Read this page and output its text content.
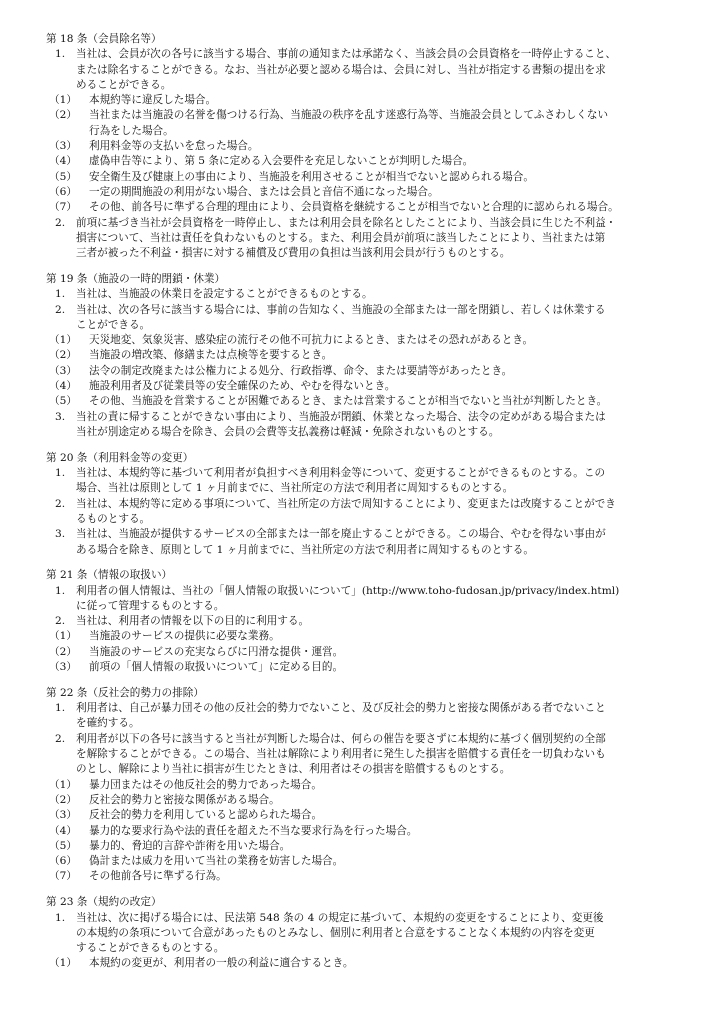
第 18 条（会員除名等）
1.	当社は、会員が次の各号に該当する場合、事前の通知または承諾なく、当該会員の会員資格を一時停止すること、
または除名することができる。なお、当社が必要と認める場合は、会員に対し、当社が指定する書類の提出を求
めることができる。
（1）	本規約等に違反した場合。
（2）	当社または当施設の名誉を傷つける行為、当施設の秩序を乱す迷惑行為等、当施設会員としてふさわしくない
行為をした場合。
（3）	利用料金等の支払いを怠った場合。
（4）	虚偽申告等により、第 5 条に定める入会要件を充足しないことが判明した場合。
（5）	安全衛生及び健康上の事由により、当施設を利用させることが相当でないと認められる場合。
（6）	一定の期間施設の利用がない場合、または会員と音信不通になった場合。
（7）	その他、前各号に準ずる合理的理由により、会員資格を継続することが相当でないと合理的に認められる場合。
2.	前項に基づき当社が会員資格を一時停止し、または利用会員を除名としたことにより、当該会員に生じた不利益・
損害について、当社は責任を負わないものとする。また、利用会員が前項に該当したことにより、当社または第
三者が被った不利益・損害に対する補償及び費用の負担は当該利用会員が行うものとする。
第 19 条（施設の一時的閉鎖・休業）
1.	当社は、当施設の休業日を設定することができるものとする。
2.	当社は、次の各号に該当する場合には、事前の告知なく、当施設の全部または一部を閉鎖し、若しくは休業する
ことができる。
（1）	天災地変、気象災害、感染症の流行その他不可抗力によるとき、またはその恐れがあるとき。
（2）	当施設の増改築、修繕または点検等を要するとき。
（3）	法令の制定改廃または公権力による処分、行政指導、命令、または要請等があったとき。
（4）	施設利用者及び従業員等の安全確保のため、やむを得ないとき。
（5）	その他、当施設を営業することが困難であるとき、または営業することが相当でないと当社が判断したとき。
3.	当社の責に帰することができない事由により、当施設が閉鎖、休業となった場合、法令の定めがある場合または
当社が別途定める場合を除き、会員の会費等支払義務は軽減・免除されないものとする。
第 20 条（利用料金等の変更）
1.	当社は、本規約等に基づいて利用者が負担すべき利用料金等について、変更することができるものとする。この
場合、当社は原則として 1 ヶ月前までに、当社所定の方法で利用者に周知するものとする。
2.	当社は、本規約等に定める事項について、当社所定の方法で周知することにより、変更または改廃することができ
るものとする。
3.	当社は、当施設が提供するサービスの全部または一部を廃止することができる。この場合、やむを得ない事由が
ある場合を除き、原則として 1 ヶ月前までに、当社所定の方法で利用者に周知するものとする。
第 21 条（情報の取扱い）
1.	利用者の個人情報は、当社の「個人情報の取扱いについて」(http://www.toho-fudosan.jp/privacy/index.html)
に従って管理するものとする。
2.	当社は、利用者の情報を以下の目的に利用する。
（1）	当施設のサービスの提供に必要な業務。
（2）	当施設のサービスの充実ならびに円滑な提供・運営。
（3）	前項の「個人情報の取扱いについて」に定める目的。
第 22 条（反社会的勢力の排除）
1.	利用者は、自己が暴力団その他の反社会的勢力でないこと、及び反社会的勢力と密接な関係がある者でないこと
を確約する。
2.	利用者が以下の各号に該当すると当社が判断した場合は、何らの催告を要さずに本規約に基づく個別契約の全部
を解除することができる。この場合、当社は解除により利用者に発生した損害を賠償する責任を一切負わないも
のとし、解除により当社に損害が生じたときは、利用者はその損害を賠償するものとする。
（1）	暴力団またはその他反社会的勢力であった場合。
（2）	反社会的勢力と密接な関係がある場合。
（3）	反社会的勢力を利用していると認められた場合。
（4）	暴力的な要求行為や法的責任を超えた不当な要求行為を行った場合。
（5）	暴力的、脅迫的言辞や詐術を用いた場合。
（6）	偽計または威力を用いて当社の業務を妨害した場合。
（7）	その他前各号に準ずる行為。
第 23 条（規約の改定）
1.	当社は、次に掲げる場合には、民法第 548 条の 4 の規定に基づいて、本規約の変更をすることにより、変更後
の本規約の条項について合意があったものとみなし、個別に利用者と合意をすることなく本規約の内容を変更
することができるものとする。
（1）	本規約の変更が、利用者の一般の利益に適合するとき。
